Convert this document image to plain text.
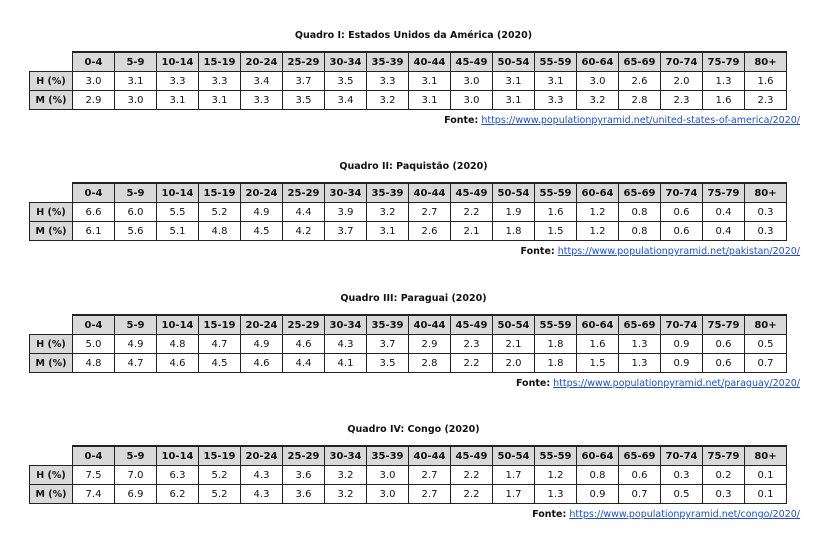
Quadro I: Estados Unidos da América (2020)
	0-4	5-9	10-14	15-19	20-24	25-29	30-34	35-39	40-44	45-49	50-54	55-59	60-64	65-69	70-74	75-79	80+
H (%)	3.0	3.1	3.3	3.3	3.4	3.7	3.5	3.3	3.1	3.0	3.1	3.1	3.0	2.6	2.0	1.3	1.6
M (%)	2.9	3.0	3.1	3.1	3.3	3.5	3.4	3.2	3.1	3.0	3.1	3.3	3.2	2.8	2.3	1.6	2.3
Fonte: https://www.populationpyramid.net/united-states-of-america/2020/
Quadro II: Paquistão (2020)
	0-4	5-9	10-14	15-19	20-24	25-29	30-34	35-39	40-44	45-49	50-54	55-59	60-64	65-69	70-74	75-79	80+
H (%)	6.6	6.0	5.5	5.2	4.9	4.4	3.9	3.2	2.7	2.2	1.9	1.6	1.2	0.8	0.6	0.4	0.3
M (%)	6.1	5.6	5.1	4.8	4.5	4.2	3.7	3.1	2.6	2.1	1.8	1.5	1.2	0.8	0.6	0.4	0.3
Fonte: https://www.populationpyramid.net/pakistan/2020/
Quadro III: Paraguai (2020)
	0-4	5-9	10-14	15-19	20-24	25-29	30-34	35-39	40-44	45-49	50-54	55-59	60-64	65-69	70-74	75-79	80+
H (%)	5.0	4.9	4.8	4.7	4.9	4.6	4.3	3.7	2.9	2.3	2.1	1.8	1.6	1.3	0.9	0.6	0.5
M (%)	4.8	4.7	4.6	4.5	4.6	4.4	4.1	3.5	2.8	2.2	2.0	1.8	1.5	1.3	0.9	0.6	0.7
Fonte: https://www.populationpyramid.net/paraguay/2020/
Quadro IV: Congo (2020)
	0-4	5-9	10-14	15-19	20-24	25-29	30-34	35-39	40-44	45-49	50-54	55-59	60-64	65-69	70-74	75-79	80+
H (%)	7.5	7.0	6.3	5.2	4.3	3.6	3.2	3.0	2.7	2.2	1.7	1.2	0.8	0.6	0.3	0.2	0.1
M (%)	7.4	6.9	6.2	5.2	4.3	3.6	3.2	3.0	2.7	2.2	1.7	1.3	0.9	0.7	0.5	0.3	0.1
Fonte: https://www.populationpyramid.net/congo/2020/
